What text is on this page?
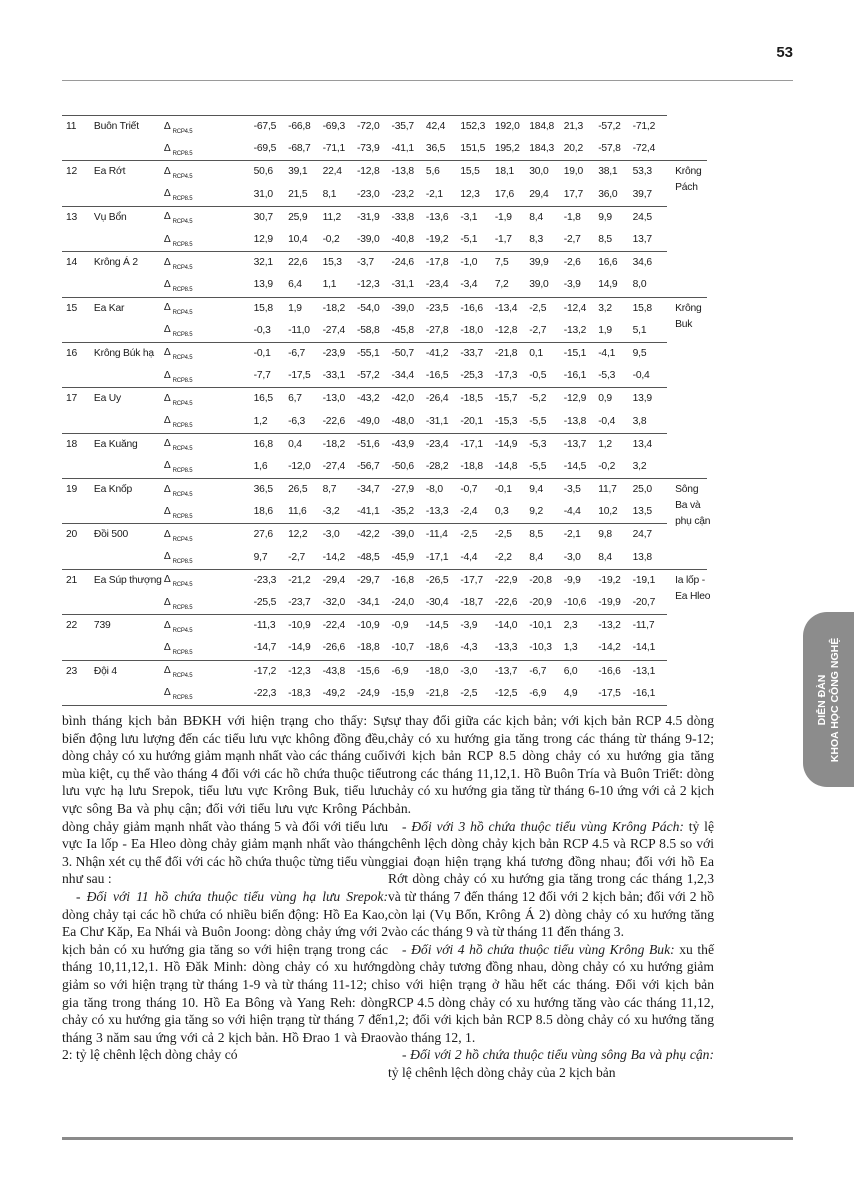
53
DIỄN ĐÀN KHOA HỌC CÔNG NGHỆ
11	Buôn Triết	Δ $_{RCP4.5}$	-67,5	-66,8	-69,3	-72,0	-35,7	42,4	152,3	192,0	184,8	21,3	-57,2	-71,2	
		Δ $_{RCP8.5}$	-69,5	-68,7	-71,1	-73,9	-41,1	36,5	151,5	195,2	184,3	20,2	-57,8	-72,4	
12	Ea Rớt	Δ $_{RCP4.5}$	50,6	39,1	22,4	-12,8	-13,8	5,6	15,5	18,1	30,0	19,0	38,1	53,3	Krông Pách

		Δ $_{RCP8.5}$	31,0	21,5	8,1	-23,0	-23,2	-2,1	12,3	17,6	29,4	17,7	36,0	39,7	
13	Vụ Bổn	Δ $_{RCP4.5}$	30,7	25,9	11,2	-31,9	-33,8	-13,6	-3,1	-1,9	8,4	-1,8	9,9	24,5	
		Δ $_{RCP8.5}$	12,9	10,4	-0,2	-39,0	-40,8	-19,2	-5,1	-1,7	8,3	-2,7	8,5	13,7	
14	Krông Á 2	Δ $_{RCP4.5}$	32,1	22,6	15,3	-3,7	-24,6	-17,8	-1,0	7,5	39,9	-2,6	16,6	34,6	
		Δ $_{RCP8.5}$	13,9	6,4	1,1	-12,3	-31,1	-23,4	-3,4	7,2	39,0	-3,9	14,9	8,0	
15	Ea Kar	Δ $_{RCP4.5}$	15,8	1,9	-18,2	-54,0	-39,0	-23,5	-16,6	-13,4	-2,5	-12,4	3,2	15,8	Krông Buk

		Δ $_{RCP8.5}$	-0,3	-11,0	-27,4	-58,8	-45,8	-27,8	-18,0	-12,8	-2,7	-13,2	1,9	5,1	
16	Krông Búk hạ	Δ $_{RCP4.5}$	-0,1	-6,7	-23,9	-55,1	-50,7	-41,2	-33,7	-21,8	0,1	-15,1	-4,1	9,5	
		Δ $_{RCP8.5}$	-7,7	-17,5	-33,1	-57,2	-34,4	-16,5	-25,3	-17,3	-0,5	-16,1	-5,3	-0,4	
17	Ea Uy	Δ $_{RCP4.5}$	16,5	6,7	-13,0	-43,2	-42,0	-26,4	-18,5	-15,7	-5,2	-12,9	0,9	13,9	
		Δ $_{RCP8.5}$	1,2	-6,3	-22,6	-49,0	-48,0	-31,1	-20,1	-15,3	-5,5	-13,8	-0,4	3,8	
18	Ea Kuăng	Δ $_{RCP4.5}$	16,8	0,4	-18,2	-51,6	-43,9	-23,4	-17,1	-14,9	-5,3	-13,7	1,2	13,4	
		Δ $_{RCP8.5}$	1,6	-12,0	-27,4	-56,7	-50,6	-28,2	-18,8	-14,8	-5,5	-14,5	-0,2	3,2	
19	Ea Knốp	Δ $_{RCP4.5}$	36,5	26,5	8,7	-34,7	-27,9	-8,0	-0,7	-0,1	9,4	-3,5	11,7	25,0	Sông Ba và phụ cận

		Δ $_{RCP8.5}$	18,6	11,6	-3,2	-41,1	-35,2	-13,3	-2,4	0,3	9,2	-4,4	10,2	13,5	
20	Đồi 500	Δ $_{RCP4.5}$	27,6	12,2	-3,0	-42,2	-39,0	-11,4	-2,5	-2,5	8,5	-2,1	9,8	24,7	
		Δ $_{RCP8.5}$	9,7	-2,7	-14,2	-48,5	-45,9	-17,1	-4,4	-2,2	8,4	-3,0	8,4	13,8	
21	Ea Súp thượng	Δ $_{RCP4.5}$	-23,3	-21,2	-29,4	-29,7	-16,8	-26,5	-17,7	-22,9	-20,8	-9,9	-19,2	-19,1	Ia lốp - Ea Hleo

		Δ $_{RCP8.5}$	-25,5	-23,7	-32,0	-34,1	-24,0	-30,4	-18,7	-22,6	-20,9	-10,6	-19,9	-20,7	
22	739	Δ $_{RCP4.5}$	-11,3	-10,9	-22,4	-10,9	-0,9	-14,5	-3,9	-14,0	-10,1	2,3	-13,2	-11,7	
		Δ $_{RCP8.5}$	-14,7	-14,9	-26,6	-18,8	-10,7	-18,6	-4,3	-13,3	-10,3	1,3	-14,2	-14,1	
23	Đội 4	Δ $_{RCP4.5}$	-17,2	-12,3	-43,8	-15,6	-6,9	-18,0	-3,0	-13,7	-6,7	6,0	-16,6	-13,1	
		Δ $_{RCP8.5}$	-22,3	-18,3	-49,2	-24,9	-15,9	-21,8	-2,5	-12,5	-6,9	4,9	-17,5	-16,1	

bình tháng kịch bản BĐKH với hiện trạng cho thấy: Sự biến động lưu lượng đến các tiểu lưu vực không đồng đều, dòng chảy có xu hướng giảm mạnh nhất vào các tháng cuối mùa kiệt, cụ thể vào tháng 4 đối với các hồ chứa thuộc tiểu lưu vực hạ lưu Srepok, tiểu lưu vực Krông Buk, tiểu lưu vực sông Ba và phụ cận; đối với tiểu lưu vực Krông Pách dòng chảy giảm mạnh nhất vào tháng 5 và đối với tiểu lưu vực Ia lốp - Ea Hleo dòng chảy giảm mạnh nhất vào tháng 3. Nhận xét cụ thể đối với các hồ chứa thuộc từng tiểu vùng như sau :

- Đối với 11 hồ chứa thuộc tiểu vùng hạ lưu Srepok: dòng chảy tại các hồ chứa có nhiều biến động: Hồ Ea Kao, Ea Chư Kăp, Ea Nhái và Buôn Joong: dòng chảy ứng với 2 kịch bản có xu hướng gia tăng so với hiện trạng trong các tháng 10,11,12,1. Hồ Đăk Minh: dòng chảy có xu hướng giảm so với hiện trạng từ tháng 1-9 và từ tháng 11-12; chỉ gia tăng trong tháng 10. Hồ Ea Bông và Yang Reh: dòng chảy có xu hướng gia tăng so với hiện trạng từ tháng 7 đến tháng 3 năm sau ứng với cả 2 kịch bản. Hồ Đrao 1 và Đrao 2: tỷ lệ chênh lệch dòng chảy có

sự thay đổi giữa các kịch bản; với kịch bản RCP 4.5 dòng chảy có xu hướng gia tăng trong các tháng từ tháng 9-12; với kịch bản RCP 8.5 dòng chảy có xu hướng gia tăng trong các tháng 11,12,1. Hồ Buôn Tría và Buôn Triết: dòng chảy có xu hướng gia tăng từ tháng 6-10 ứng với cả 2 kịch bản.

- Đối với 3 hồ chứa thuộc tiểu vùng Krông Pách: tỷ lệ chênh lệch dòng chảy kịch bản RCP 4.5 và RCP 8.5 so với giai đoạn hiện trạng khá tương đồng nhau; đối với hồ Ea Rớt dòng chảy có xu hướng gia tăng trong các tháng 1,2,3 và từ tháng 7 đến tháng 12 đối với 2 kịch bản; đối với 2 hồ còn lại (Vụ Bổn, Krông Á 2) dòng chảy có xu hướng tăng vào các tháng 9 và từ tháng 11 đến tháng 3.

- Đối với 4 hồ chứa thuộc tiểu vùng Krông Buk: xu thế dòng chảy tương đồng nhau, dòng chảy có xu hướng giảm so với hiện trạng ở hầu hết các tháng. Đối với kịch bản RCP 4.5 dòng chảy có xu hướng tăng vào các tháng 11,12, 1,2; đối với kịch bản RCP 8.5 dòng chảy có xu hướng tăng vào tháng 12, 1.

- Đối với 2 hồ chứa thuộc tiểu vùng sông Ba và phụ cận: tỷ lệ chênh lệch dòng chảy của 2 kịch bản
